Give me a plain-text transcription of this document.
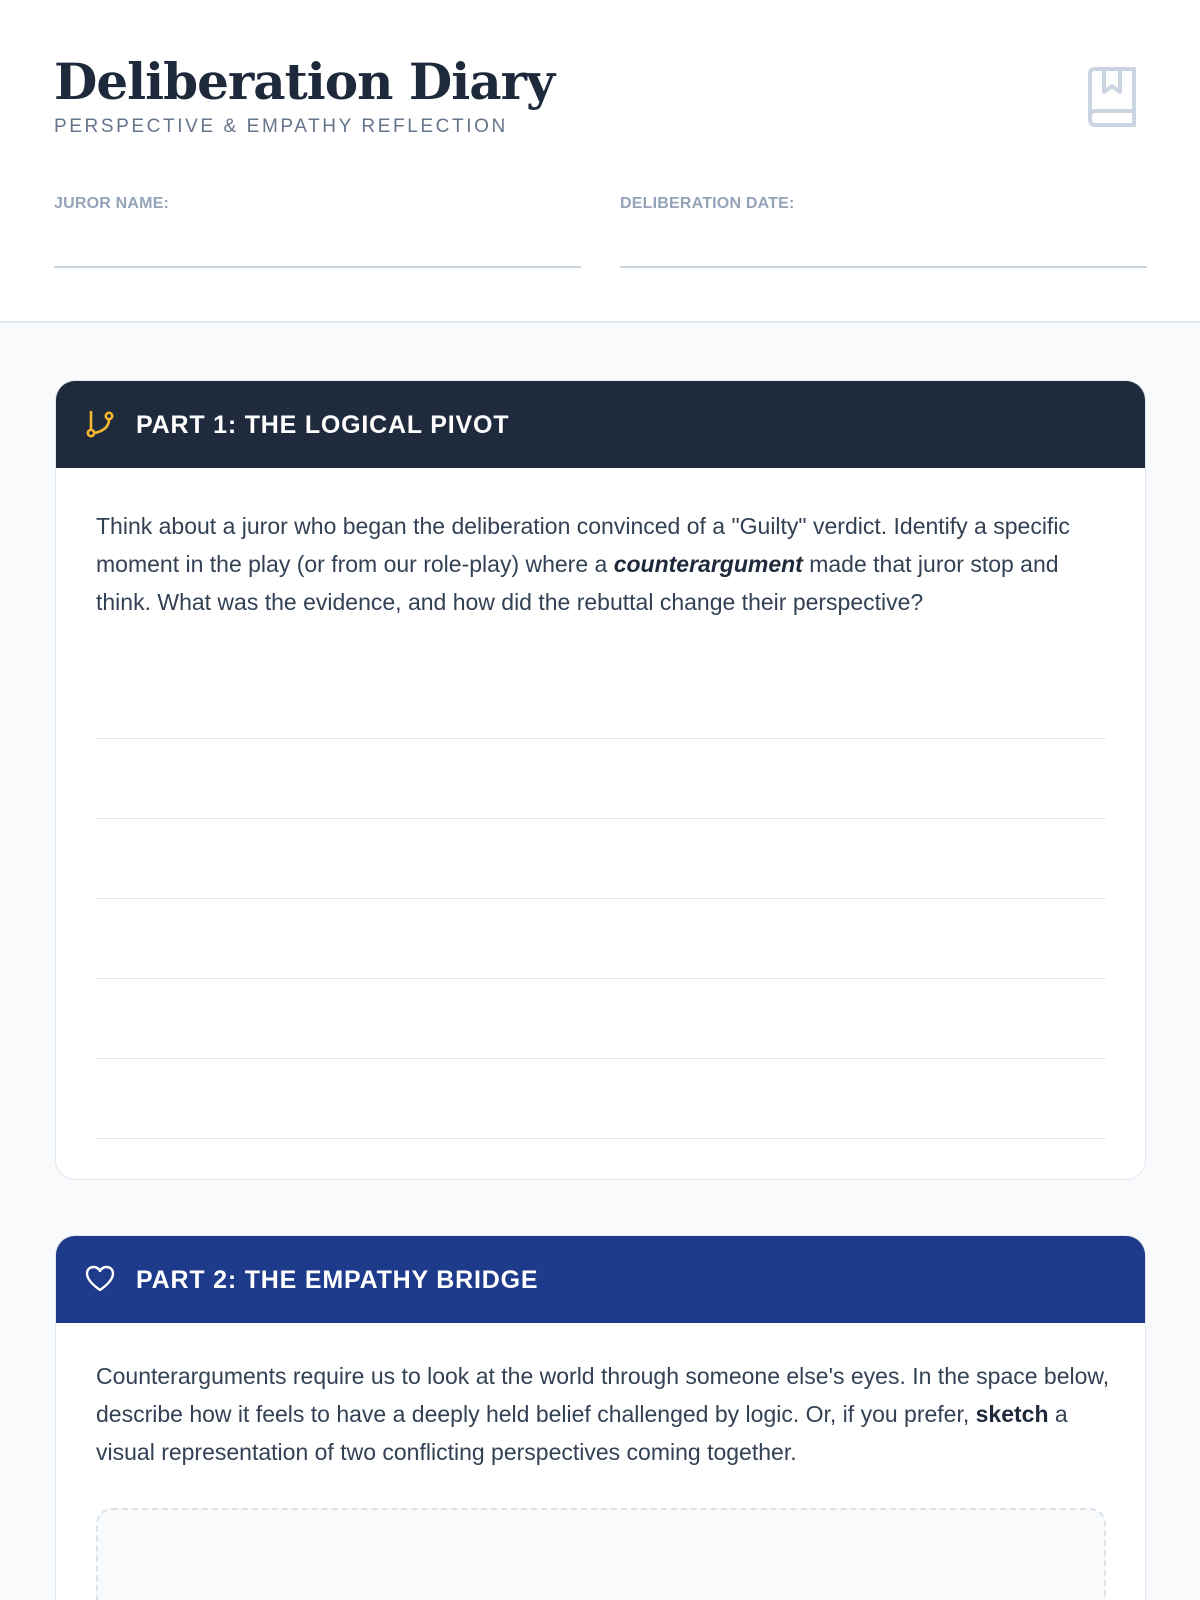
Deliberation Diary
PERSPECTIVE & EMPATHY REFLECTION
JUROR NAME:	DELIBERATION DATE:
PART 1: THE LOGICAL PIVOT
Think about a juror who began the deliberation convinced of a "Guilty" verdict. Identify a specific moment in the play (or from our role-play) where a counterargument made that juror stop and think. What was the evidence, and how did the rebuttal change their perspective?
PART 2: THE EMPATHY BRIDGE
Counterarguments require us to look at the world through someone else's eyes. In the space below, describe how it feels to have a deeply held belief challenged by logic. Or, if you prefer, sketch a visual representation of two conflicting perspectives coming together.
